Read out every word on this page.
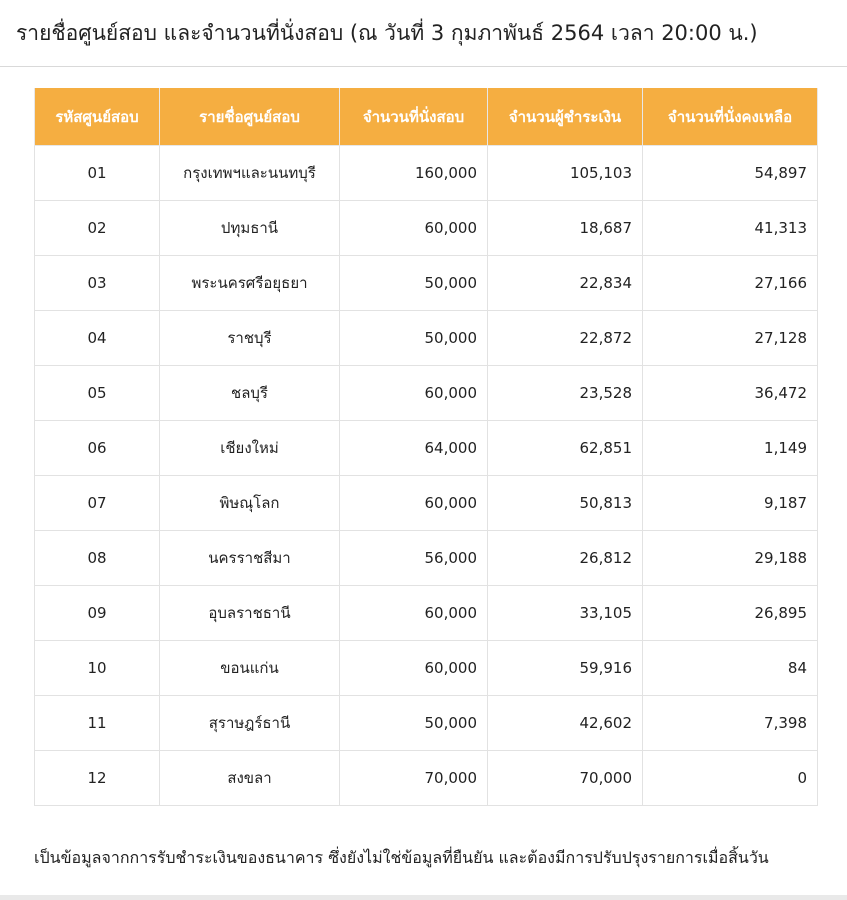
รายชื่อศูนย์สอบ และจำนวนที่นั่งสอบ (ณ วันที่ 3 กุมภาพันธ์ 2564 เวลา 20:00 น.)
รหัสศูนย์สอบ	รายชื่อศูนย์สอบ	จำนวนที่นั่งสอบ	จำนวนผู้ชำระเงิน	จำนวนที่นั่งคงเหลือ
01	กรุงเทพฯและนนทบุรี	160,000	105,103	54,897
02	ปทุมธานี	60,000	18,687	41,313
03	พระนครศรีอยุธยา	50,000	22,834	27,166
04	ราชบุรี	50,000	22,872	27,128
05	ชลบุรี	60,000	23,528	36,472
06	เชียงใหม่	64,000	62,851	1,149
07	พิษณุโลก	60,000	50,813	9,187
08	นครราชสีมา	56,000	26,812	29,188
09	อุบลราชธานี	60,000	33,105	26,895
10	ขอนแก่น	60,000	59,916	84
11	สุราษฎร์ธานี	50,000	42,602	7,398
12	สงขลา	70,000	70,000	0
เป็นข้อมูลจากการรับชำระเงินของธนาคาร ซึ่งยังไม่ใช่ข้อมูลที่ยืนยัน และต้องมีการปรับปรุงรายการเมื่อสิ้นวัน
